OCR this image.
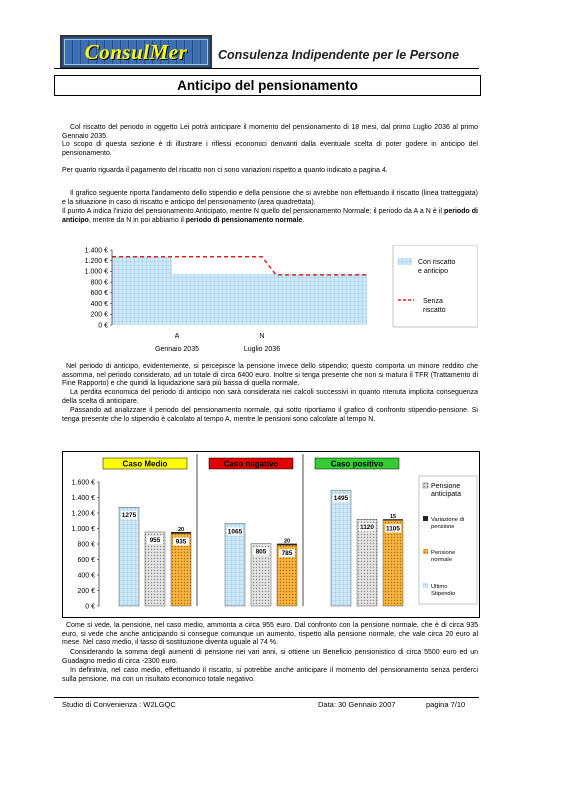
ConsulMer	Consulenza Indipendente per le Persone
Anticipo del pensionamento
Col riscatto del periodo in oggetto Lei potrà anticipare il momento del pensionamento di 18 mesi, dal primo Luglio 2036 al primo Gennaio 2035.
Lo scopo di questa sezione è di illustrare i riflessi economici derivanti dalla eventuale scelta di poter godere in anticipo del pensionamento.
Per quanto riguarda il pagamento del riscatto non ci sono variazioni rispetto a quanto indicato a pagina 4.
Il grafico seguente riporta l'andamento dello stipendio e della pensione che si avrebbe non effettuando il riscatto (linea tratteggiata) e la situazione in caso di riscatto e anticipo del pensionamento (area quadrettata).
Il punto A indica l'inizio del pensionamento Anticipato, mentre N quello del pensionamento Normale; il periodo da A a N è il periodo di anticipo, mentre da N in poi abbiamo il periodo di pensionamento normale.
1.400 €
1.200 €
1.000 €
800 €
600 €
400 €
200 €
0 €
A
Gennaio 2035
N
Luglio 2036
Con riscatto
e anticipo
Senza
riscatto
Nel periodo di anticipo, evidentemente, si percepisce la pensione invece dello stipendio; questo comporta un minore reddito che assomma, nel periodo considerato, ad un totale di circa 6400 euro. Inoltre si tenga presente che non si matura il TFR (Trattamento di Fine Rapporto) e che quindi la liquidazione sarà più bassa di quella normale.
La perdita economica del periodo di anticipo non sarà considerata nei calcoli successivi in quanto ritenuta implicita conseguenza della scelta di anticipare.
Passando ad analizzare il periodo del pensionamento normale, qui sotto riportiamo il grafico di confronto stipendio-pensione. Si tenga presente che lo stipendio è calcolato al tempo A, mentre le pensioni sono calcolate al tempo N.
Caso Medio	Caso negativo	Caso positivo
1.600 €
1.400 €
1.200 €
1.000 €
800 €
600 €
400 €
200 €
0 €
1275
955 935
20	1065
805 785
20
1495
1120 1105
15
Pensione
anticipata
Variazione di
pensione
Pensione
normale
Ultimo
Stipendio
Come si vede, la pensione, nel caso medio, ammonta a circa 955 euro. Dal confronto con la pensione normale, che è di circa 935 euro, si vede che anche anticipando si consegue comunque un aumento, rispetto alla pensione normale, che vale circa 20 euro al mese. Nel caso medio, il tasso di sostituzione diventa uguale al 74 %.
Considerando la somma degli aumenti di pensione nei vari anni, si ottiene un Beneficio pensionistico di circa 5500 euro ed un Guadagno medio di circa -2300 euro.
In definitiva, nel caso medio, effettuando il riscatto, si potrebbe anche anticipare il momento del pensionamento senza perderci sulla pensione, ma con un risultato economico totale negativo.
Studio di Convenienza : W2LGQC	Data: 30 Gennaio 2007	pagina 7/10
